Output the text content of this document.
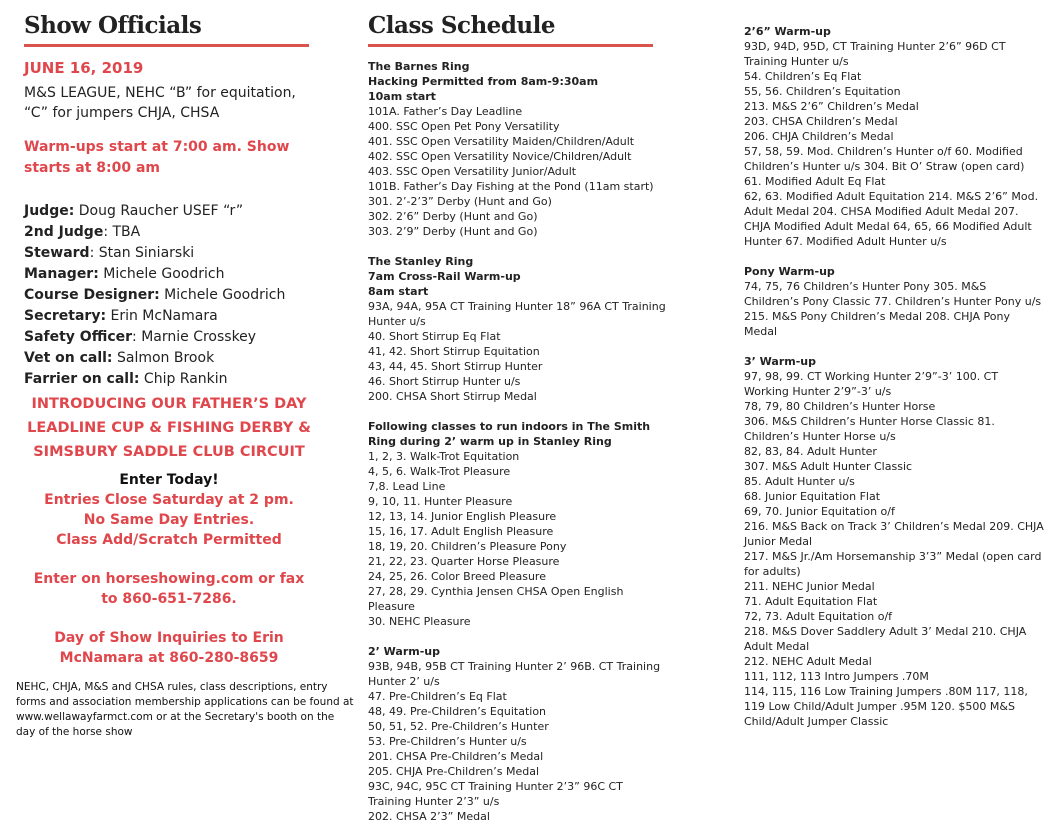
Show Officials
JUNE 16, 2019
M&S LEAGUE, NEHC “B” for equitation, “C” for jumpers CHJA, CHSA
Warm-ups start at 7:00 am. Show starts at 8:00 am
Judge: Doug Raucher USEF “r”
2nd Judge: TBA
Steward: Stan Siniarski
Manager: Michele Goodrich
Course Designer: Michele Goodrich
Secretary: Erin McNamara
Safety Officer: Marnie Crosskey
Vet on call: Salmon Brook
Farrier on call: Chip Rankin
INTRODUCING OUR FATHER’S DAY LEADLINE CUP & FISHING DERBY & SIMSBURY SADDLE CLUB CIRCUIT
Enter Today!
Entries Close Saturday at 2 pm.
No Same Day Entries.
Class Add/Scratch Permitted
Enter on horseshowing.com or fax to 860-651-7286.
Day of Show Inquiries to Erin McNamara at 860-280-8659
NEHC, CHJA, M&S and CHSA rules, class descriptions, entry forms and association membership applications can be found at www.wellawayfarmct.com or at the Secretary's booth on the day of the horse show
Class Schedule
The Barnes Ring
Hacking Permitted from 8am-9:30am
10am start
101A. Father’s Day Leadline
400. SSC Open Pet Pony Versatility
401. SSC Open Versatility Maiden/Children/Adult
402. SSC Open Versatility Novice/Children/Adult
403. SSC Open Versatility Junior/Adult
101B. Father’s Day Fishing at the Pond (11am start)
301. 2’-2’3” Derby (Hunt and Go)
302. 2’6” Derby (Hunt and Go)
303. 2’9” Derby (Hunt and Go)
The Stanley Ring
7am Cross-Rail Warm-up
8am start
93A, 94A, 95A CT Training Hunter 18” 96A CT Training Hunter u/s
40. Short Stirrup Eq Flat
41, 42. Short Stirrup Equitation
43, 44, 45. Short Stirrup Hunter
46. Short Stirrup Hunter u/s
200. CHSA Short Stirrup Medal
Following classes to run indoors in The Smith Ring during 2’ warm up in Stanley Ring
1, 2, 3. Walk-Trot Equitation
4, 5, 6. Walk-Trot Pleasure
7,8. Lead Line
9, 10, 11. Hunter Pleasure
12, 13, 14. Junior English Pleasure
15, 16, 17. Adult English Pleasure
18, 19, 20. Children’s Pleasure Pony
21, 22, 23. Quarter Horse Pleasure
24, 25, 26. Color Breed Pleasure
27, 28, 29. Cynthia Jensen CHSA Open English Pleasure
30. NEHC Pleasure
2’ Warm-up
93B, 94B, 95B CT Training Hunter 2’ 96B. CT Training Hunter 2’ u/s
47. Pre-Children’s Eq Flat
48, 49. Pre-Children’s Equitation
50, 51, 52. Pre-Children’s Hunter
53. Pre-Children’s Hunter u/s
201. CHSA Pre-Children’s Medal
205. CHJA Pre-Children’s Medal
93C, 94C, 95C CT Training Hunter 2’3” 96C CT Training Hunter 2’3” u/s
202. CHSA 2’3” Medal
2’6” Warm-up
93D, 94D, 95D, CT Training Hunter 2’6” 96D CT Training Hunter u/s
54. Children’s Eq Flat
55, 56. Children’s Equitation
213. M&S 2’6” Children’s Medal
203. CHSA Children’s Medal
206. CHJA Children’s Medal
57, 58, 59. Mod. Children’s Hunter o/f 60. Modified Children’s Hunter u/s 304. Bit O’ Straw (open card)
61. Modified Adult Eq Flat
62, 63. Modified Adult Equitation 214. M&S 2’6” Mod. Adult Medal 204. CHSA Modified Adult Medal 207. CHJA Modified Adult Medal 64, 65, 66 Modified Adult Hunter 67. Modified Adult Hunter u/s
Pony Warm-up
74, 75, 76 Children’s Hunter Pony 305. M&S Children’s Pony Classic 77. Children’s Hunter Pony u/s 215. M&S Pony Children’s Medal 208. CHJA Pony Medal
3’ Warm-up
97, 98, 99. CT Working Hunter 2’9”-3’ 100. CT Working Hunter 2’9”-3’ u/s
78, 79, 80 Children’s Hunter Horse
306. M&S Children’s Hunter Horse Classic 81. Children’s Hunter Horse u/s
82, 83, 84. Adult Hunter
307. M&S Adult Hunter Classic
85. Adult Hunter u/s
68. Junior Equitation Flat
69, 70. Junior Equitation o/f
216. M&S Back on Track 3’ Children’s Medal 209. CHJA Junior Medal
217. M&S Jr./Am Horsemanship 3’3” Medal (open card for adults)
211. NEHC Junior Medal
71. Adult Equitation Flat
72, 73. Adult Equitation o/f
218. M&S Dover Saddlery Adult 3’ Medal 210. CHJA Adult Medal
212. NEHC Adult Medal
111, 112, 113 Intro Jumpers .70M
114, 115, 116 Low Training Jumpers .80M 117, 118, 119 Low Child/Adult Jumper .95M 120. $500 M&S Child/Adult Jumper Classic
